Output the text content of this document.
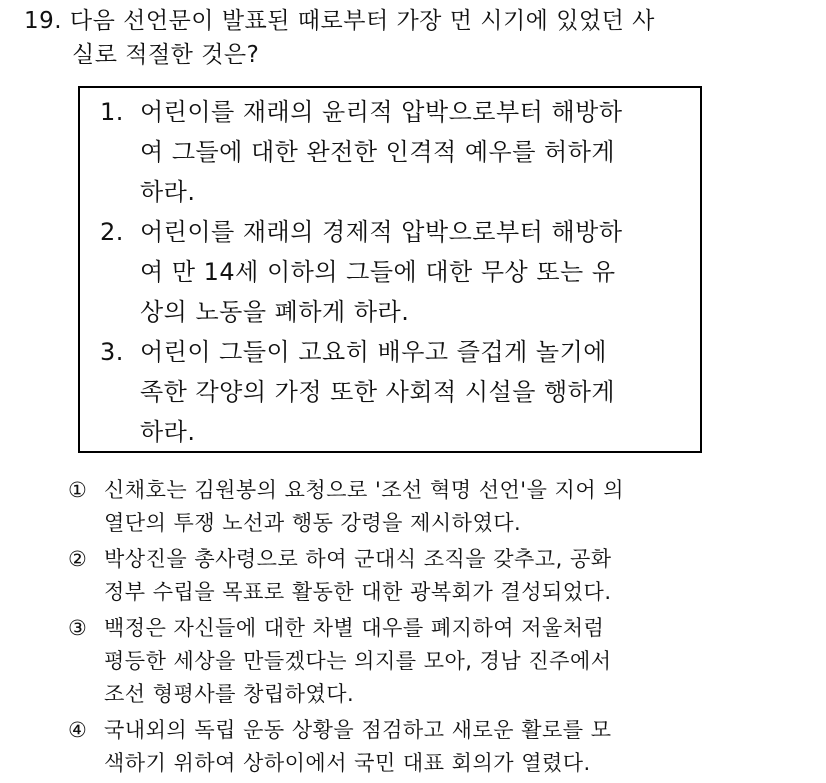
19. 다음 선언문이 발표된 때로부터 가장 먼 시기에 있었던 사
실로 적절한 것은?
1. 어린이를 재래의 윤리적 압박으로부터 해방하
여 그들에 대한 완전한 인격적 예우를 허하게
하라.
2. 어린이를 재래의 경제적 압박으로부터 해방하
여 만 14세 이하의 그들에 대한 무상 또는 유
상의 노동을 폐하게 하라.
3. 어린이 그들이 고요히 배우고 즐겁게 놀기에
족한 각양의 가정 또한 사회적 시설을 행하게
하라.
① 신채호는 김원봉의 요청으로 '조선 혁명 선언'을 지어 의
열단의 투쟁 노선과 행동 강령을 제시하였다.
② 박상진을 총사령으로 하여 군대식 조직을 갖추고, 공화
정부 수립을 목표로 활동한 대한 광복회가 결성되었다.
③ 백정은 자신들에 대한 차별 대우를 폐지하여 저울처럼
평등한 세상을 만들겠다는 의지를 모아, 경남 진주에서
조선 형평사를 창립하였다.
④ 국내외의 독립 운동 상황을 점검하고 새로운 활로를 모
색하기 위하여 상하이에서 국민 대표 회의가 열렸다.
